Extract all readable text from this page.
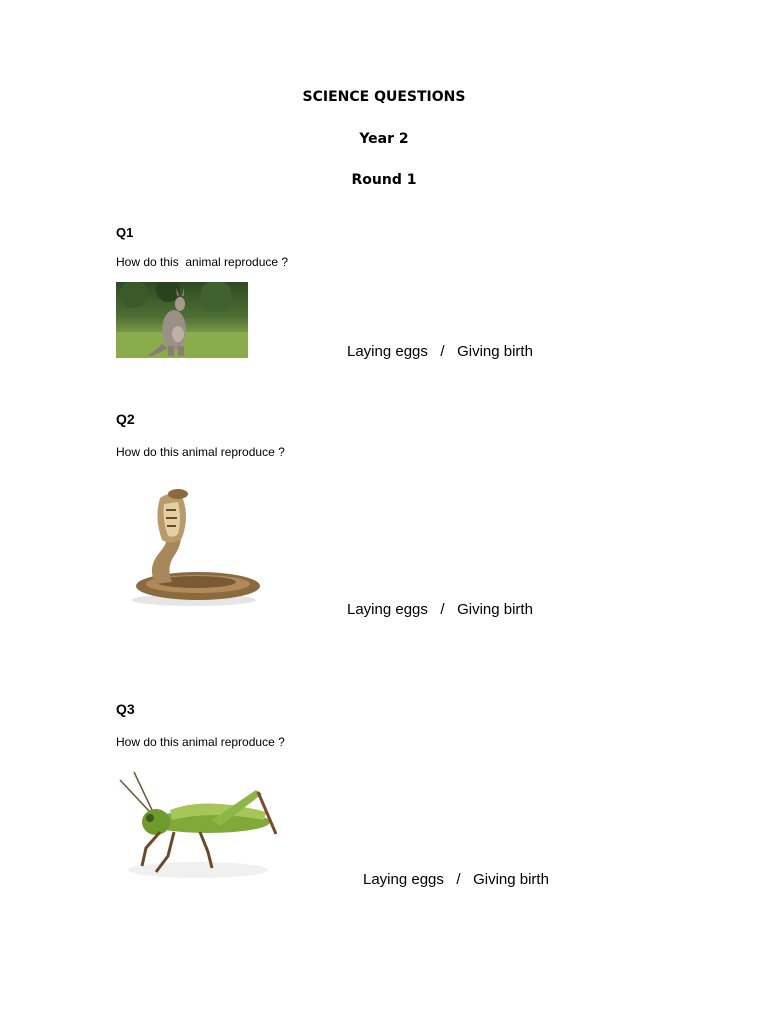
SCIENCE QUESTIONS
Year 2
Round 1
Q1
How do this  animal reproduce ?
Laying eggs   /   Giving birth
Q2
How do this animal reproduce ?
Laying eggs   /   Giving birth
Q3
How do this animal reproduce ?
Laying eggs   /   Giving birth
